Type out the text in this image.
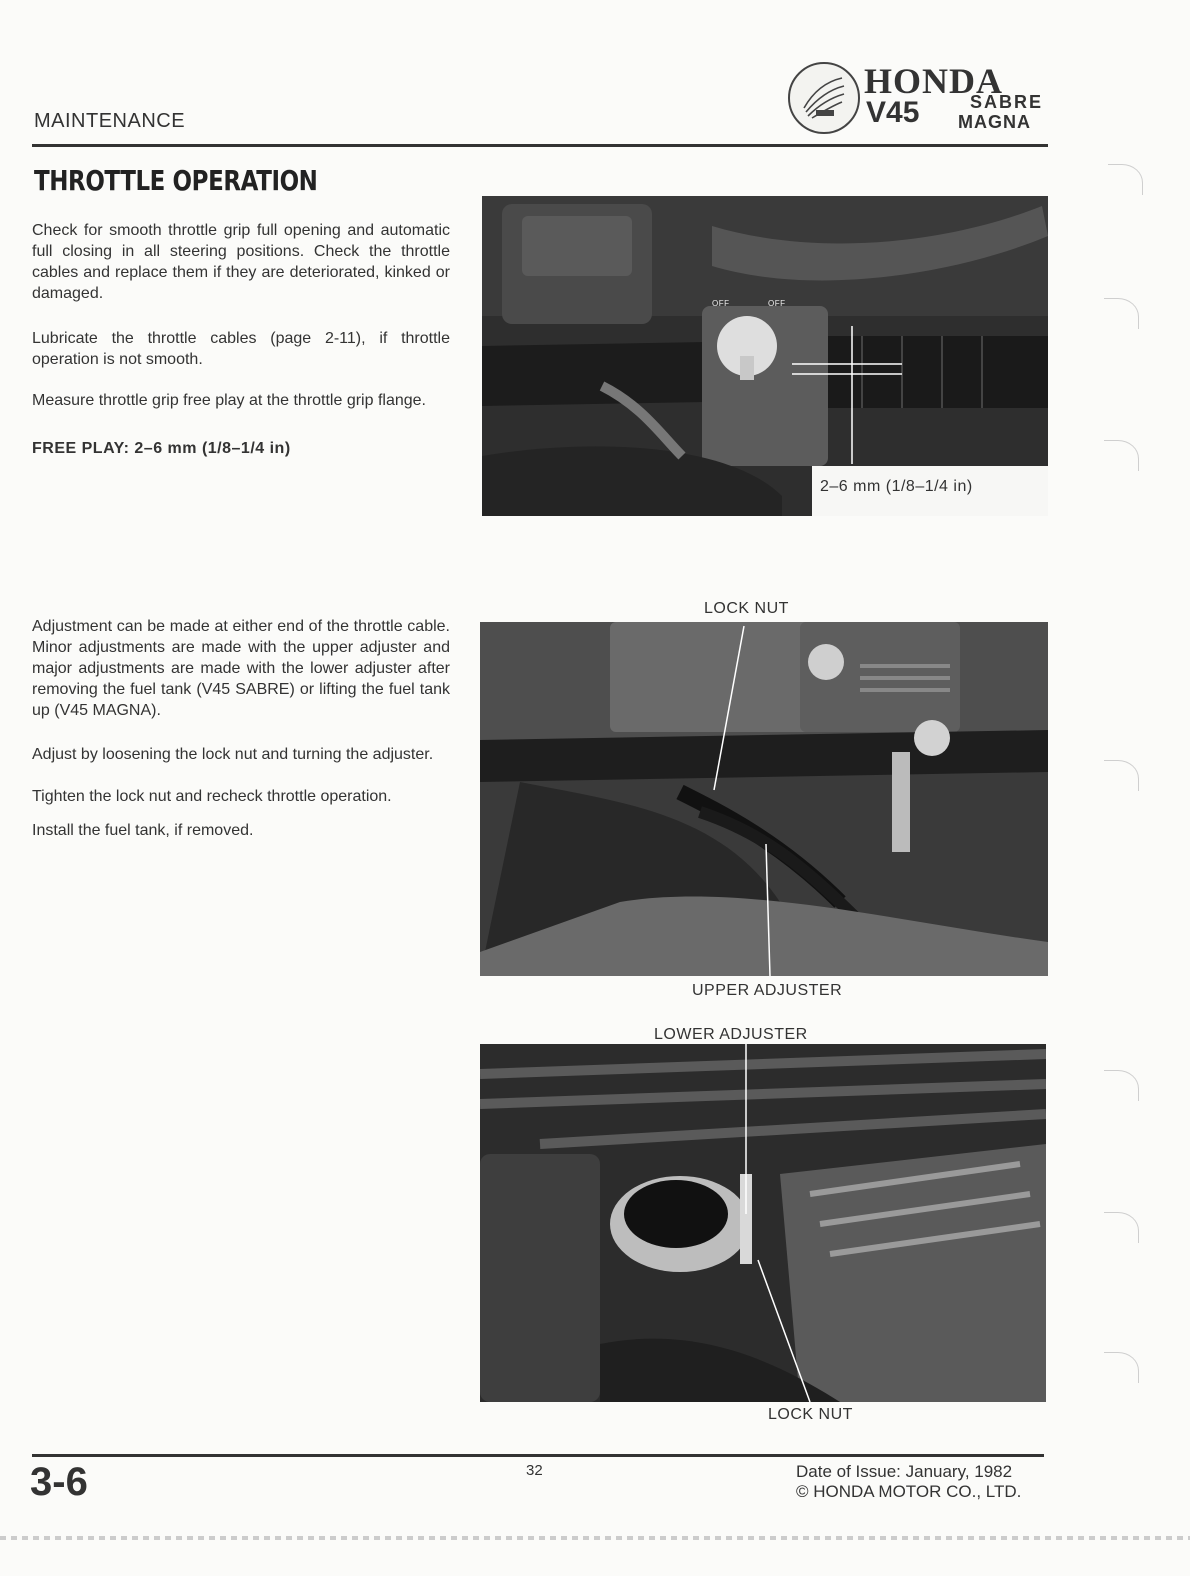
MAINTENANCE
HONDA
V45	SABRE
MAGNA
THROTTLE OPERATION
Check for smooth throttle grip full opening and automatic full closing in all steering positions. Check the throttle cables and replace them if they are deteriorated, kinked or damaged.
Lubricate the throttle cables (page 2-11), if throttle operation is not smooth.
Measure throttle grip free play at the throttle grip flange.
FREE PLAY: 2–6 mm (1/8–1/4 in)
Adjustment can be made at either end of the throttle cable. Minor adjustments are made with the upper adjuster and major adjustments are made with the lower adjuster after removing the fuel tank (V45 SABRE) or lifting the fuel tank up (V45 MAGNA).
Adjust by loosening the lock nut and turning the adjuster.
Tighten the lock nut and recheck throttle operation.
Install the fuel tank, if removed.
OFF	OFF
2–6 mm (1/8–1/4 in)
LOCK NUT
UPPER ADJUSTER
LOWER ADJUSTER
LOCK NUT
3-6	32	Date of Issue: January, 1982
© HONDA MOTOR CO., LTD.
